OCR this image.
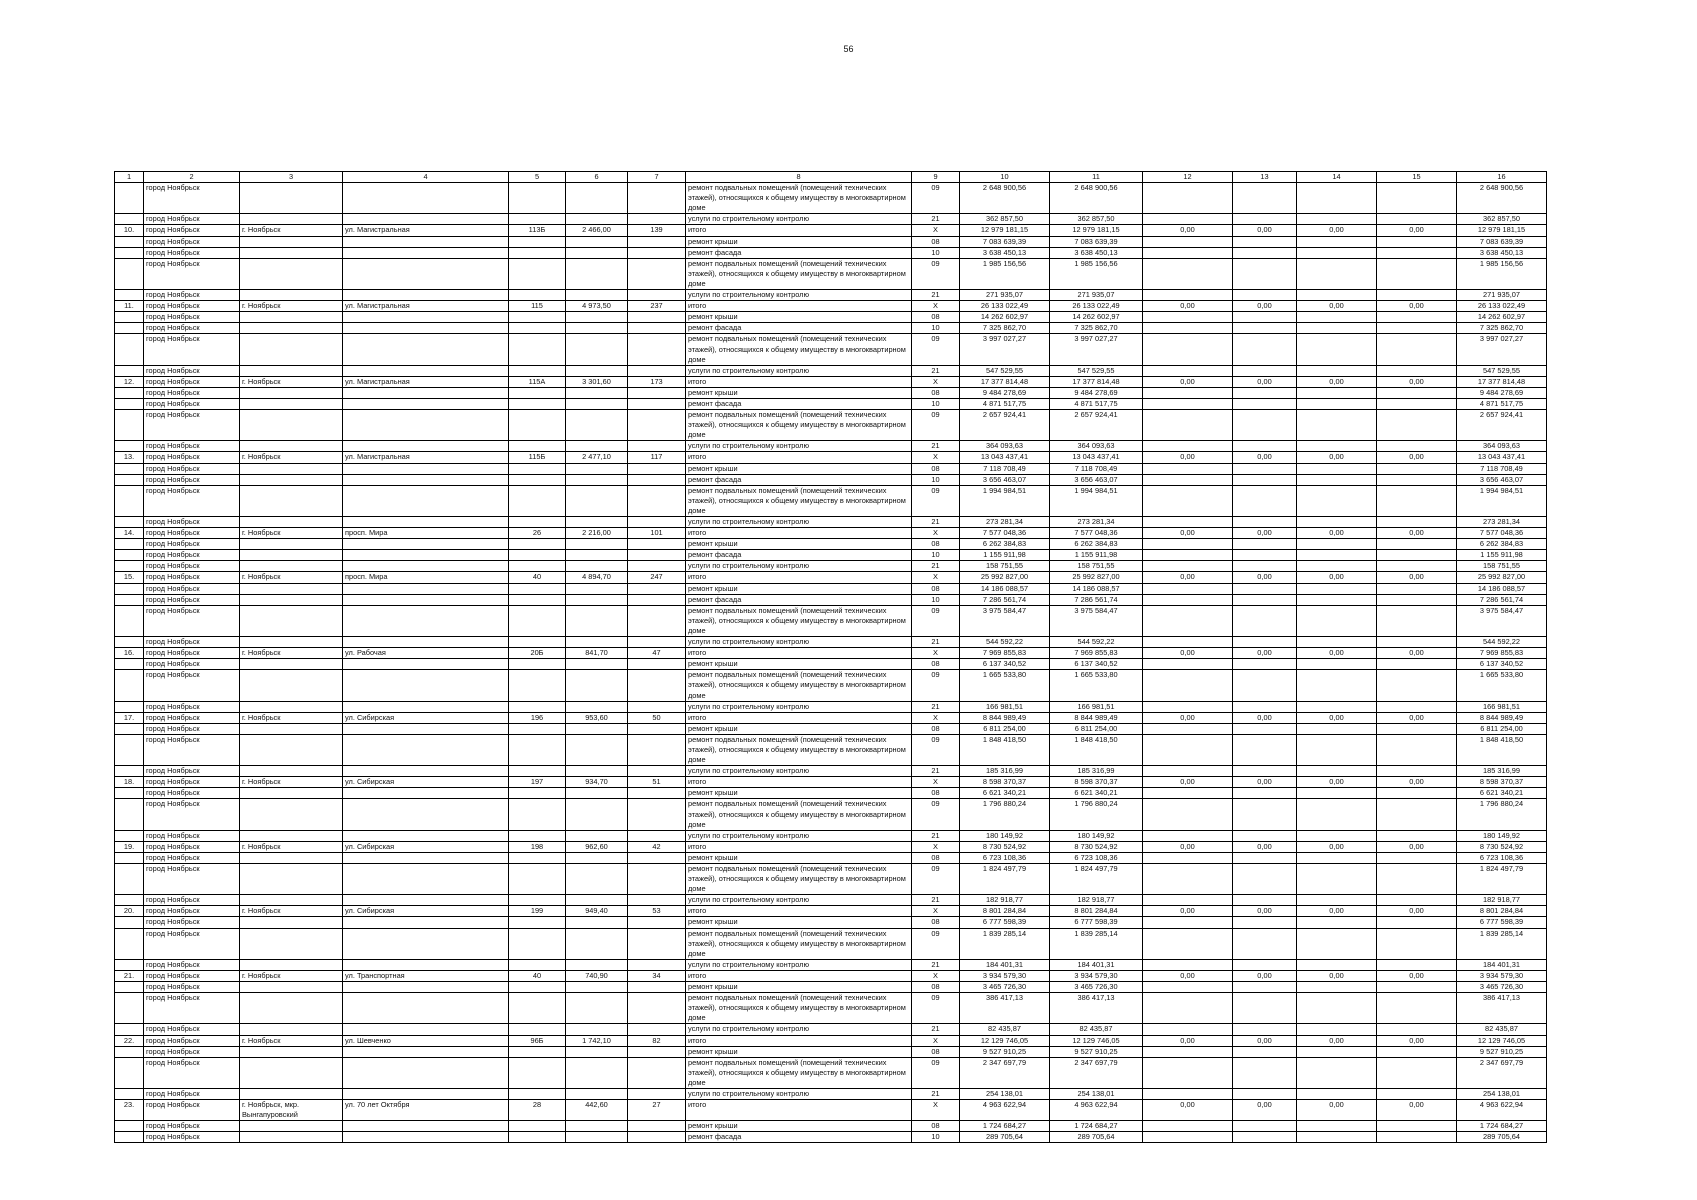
56
1	2	3	4	5	6	7	8	9	10	11	12	13	14	15	16
	город Ноябрьск						ремонт подвальных помещений (помещений технических этажей), относящихся к общему имуществу в многоквартирном доме	09	2 648 900,56	2 648 900,56					2 648 900,56
	город Ноябрьск						услуги по строительному контролю	21	362 857,50	362 857,50					362 857,50
10.	город Ноябрьск	г. Ноябрьск	ул. Магистральная	113Б	2 466,00	139	итого	X	12 979 181,15	12 979 181,15	0,00	0,00	0,00	0,00	12 979 181,15
	город Ноябрьск						ремонт крыши	08	7 083 639,39	7 083 639,39					7 083 639,39
	город Ноябрьск						ремонт фасада	10	3 638 450,13	3 638 450,13					3 638 450,13
	город Ноябрьск						ремонт подвальных помещений (помещений технических этажей), относящихся к общему имуществу в многоквартирном доме	09	1 985 156,56	1 985 156,56					1 985 156,56
	город Ноябрьск						услуги по строительному контролю	21	271 935,07	271 935,07					271 935,07
11.	город Ноябрьск	г. Ноябрьск	ул. Магистральная	115	4 973,50	237	итого	X	26 133 022,49	26 133 022,49	0,00	0,00	0,00	0,00	26 133 022,49
	город Ноябрьск						ремонт крыши	08	14 262 602,97	14 262 602,97					14 262 602,97
	город Ноябрьск						ремонт фасада	10	7 325 862,70	7 325 862,70					7 325 862,70
	город Ноябрьск						ремонт подвальных помещений (помещений технических этажей), относящихся к общему имуществу в многоквартирном доме	09	3 997 027,27	3 997 027,27					3 997 027,27
	город Ноябрьск						услуги по строительному контролю	21	547 529,55	547 529,55					547 529,55
12.	город Ноябрьск	г. Ноябрьск	ул. Магистральная	115А	3 301,60	173	итого	X	17 377 814,48	17 377 814,48	0,00	0,00	0,00	0,00	17 377 814,48
	город Ноябрьск						ремонт крыши	08	9 484 278,69	9 484 278,69					9 484 278,69
	город Ноябрьск						ремонт фасада	10	4 871 517,75	4 871 517,75					4 871 517,75
	город Ноябрьск						ремонт подвальных помещений (помещений технических этажей), относящихся к общему имуществу в многоквартирном доме	09	2 657 924,41	2 657 924,41					2 657 924,41
	город Ноябрьск						услуги по строительному контролю	21	364 093,63	364 093,63					364 093,63
13.	город Ноябрьск	г. Ноябрьск	ул. Магистральная	115Б	2 477,10	117	итого	X	13 043 437,41	13 043 437,41	0,00	0,00	0,00	0,00	13 043 437,41
	город Ноябрьск						ремонт крыши	08	7 118 708,49	7 118 708,49					7 118 708,49
	город Ноябрьск						ремонт фасада	10	3 656 463,07	3 656 463,07					3 656 463,07
	город Ноябрьск						ремонт подвальных помещений (помещений технических этажей), относящихся к общему имуществу в многоквартирном доме	09	1 994 984,51	1 994 984,51					1 994 984,51
	город Ноябрьск						услуги по строительному контролю	21	273 281,34	273 281,34					273 281,34
14.	город Ноябрьск	г. Ноябрьск	просп. Мира	26	2 216,00	101	итого	X	7 577 048,36	7 577 048,36	0,00	0,00	0,00	0,00	7 577 048,36
	город Ноябрьск						ремонт крыши	08	6 262 384,83	6 262 384,83					6 262 384,83
	город Ноябрьск						ремонт фасада	10	1 155 911,98	1 155 911,98					1 155 911,98
	город Ноябрьск						услуги по строительному контролю	21	158 751,55	158 751,55					158 751,55
15.	город Ноябрьск	г. Ноябрьск	просп. Мира	40	4 894,70	247	итого	X	25 992 827,00	25 992 827,00	0,00	0,00	0,00	0,00	25 992 827,00
	город Ноябрьск						ремонт крыши	08	14 186 088,57	14 186 088,57					14 186 088,57
	город Ноябрьск						ремонт фасада	10	7 286 561,74	7 286 561,74					7 286 561,74
	город Ноябрьск						ремонт подвальных помещений (помещений технических этажей), относящихся к общему имуществу в многоквартирном доме	09	3 975 584,47	3 975 584,47					3 975 584,47
	город Ноябрьск						услуги по строительному контролю	21	544 592,22	544 592,22					544 592,22
16.	город Ноябрьск	г. Ноябрьск	ул. Рабочая	20Б	841,70	47	итого	X	7 969 855,83	7 969 855,83	0,00	0,00	0,00	0,00	7 969 855,83
	город Ноябрьск						ремонт крыши	08	6 137 340,52	6 137 340,52					6 137 340,52
	город Ноябрьск						ремонт подвальных помещений (помещений технических этажей), относящихся к общему имуществу в многоквартирном доме	09	1 665 533,80	1 665 533,80					1 665 533,80
	город Ноябрьск						услуги по строительному контролю	21	166 981,51	166 981,51					166 981,51
17.	город Ноябрьск	г. Ноябрьск	ул. Сибирская	196	953,60	50	итого	X	8 844 989,49	8 844 989,49	0,00	0,00	0,00	0,00	8 844 989,49
	город Ноябрьск						ремонт крыши	08	6 811 254,00	6 811 254,00					6 811 254,00
	город Ноябрьск						ремонт подвальных помещений (помещений технических этажей), относящихся к общему имуществу в многоквартирном доме	09	1 848 418,50	1 848 418,50					1 848 418,50
	город Ноябрьск						услуги по строительному контролю	21	185 316,99	185 316,99					185 316,99
18.	город Ноябрьск	г. Ноябрьск	ул. Сибирская	197	934,70	51	итого	X	8 598 370,37	8 598 370,37	0,00	0,00	0,00	0,00	8 598 370,37
	город Ноябрьск						ремонт крыши	08	6 621 340,21	6 621 340,21					6 621 340,21
	город Ноябрьск						ремонт подвальных помещений (помещений технических этажей), относящихся к общему имуществу в многоквартирном доме	09	1 796 880,24	1 796 880,24					1 796 880,24
	город Ноябрьск						услуги по строительному контролю	21	180 149,92	180 149,92					180 149,92
19.	город Ноябрьск	г. Ноябрьск	ул. Сибирская	198	962,60	42	итого	X	8 730 524,92	8 730 524,92	0,00	0,00	0,00	0,00	8 730 524,92
	город Ноябрьск						ремонт крыши	08	6 723 108,36	6 723 108,36					6 723 108,36
	город Ноябрьск						ремонт подвальных помещений (помещений технических этажей), относящихся к общему имуществу в многоквартирном доме	09	1 824 497,79	1 824 497,79					1 824 497,79
	город Ноябрьск						услуги по строительному контролю	21	182 918,77	182 918,77					182 918,77
20.	город Ноябрьск	г. Ноябрьск	ул. Сибирская	199	949,40	53	итого	X	8 801 284,84	8 801 284,84	0,00	0,00	0,00	0,00	8 801 284,84
	город Ноябрьск						ремонт крыши	08	6 777 598,39	6 777 598,39					6 777 598,39
	город Ноябрьск						ремонт подвальных помещений (помещений технических этажей), относящихся к общему имуществу в многоквартирном доме	09	1 839 285,14	1 839 285,14					1 839 285,14
	город Ноябрьск						услуги по строительному контролю	21	184 401,31	184 401,31					184 401,31
21.	город Ноябрьск	г. Ноябрьск	ул. Транспортная	40	740,90	34	итого	X	3 934 579,30	3 934 579,30	0,00	0,00	0,00	0,00	3 934 579,30
	город Ноябрьск						ремонт крыши	08	3 465 726,30	3 465 726,30					3 465 726,30
	город Ноябрьск						ремонт подвальных помещений (помещений технических этажей), относящихся к общему имуществу в многоквартирном доме	09	386 417,13	386 417,13					386 417,13
	город Ноябрьск						услуги по строительному контролю	21	82 435,87	82 435,87					82 435,87
22.	город Ноябрьск	г. Ноябрьск	ул. Шевченко	96Б	1 742,10	82	итого	X	12 129 746,05	12 129 746,05	0,00	0,00	0,00	0,00	12 129 746,05
	город Ноябрьск						ремонт крыши	08	9 527 910,25	9 527 910,25					9 527 910,25
	город Ноябрьск						ремонт подвальных помещений (помещений технических этажей), относящихся к общему имуществу в многоквартирном доме	09	2 347 697,79	2 347 697,79					2 347 697,79
	город Ноябрьск						услуги по строительному контролю	21	254 138,01	254 138,01					254 138,01
23.	город Ноябрьск	г. Ноябрьск, мкр. Вынгапуровский	ул. 70 лет Октября	28	442,60	27	итого	X	4 963 622,94	4 963 622,94	0,00	0,00	0,00	0,00	4 963 622,94
	город Ноябрьск						ремонт крыши	08	1 724 684,27	1 724 684,27					1 724 684,27
	город Ноябрьск						ремонт фасада	10	289 705,64	289 705,64					289 705,64
